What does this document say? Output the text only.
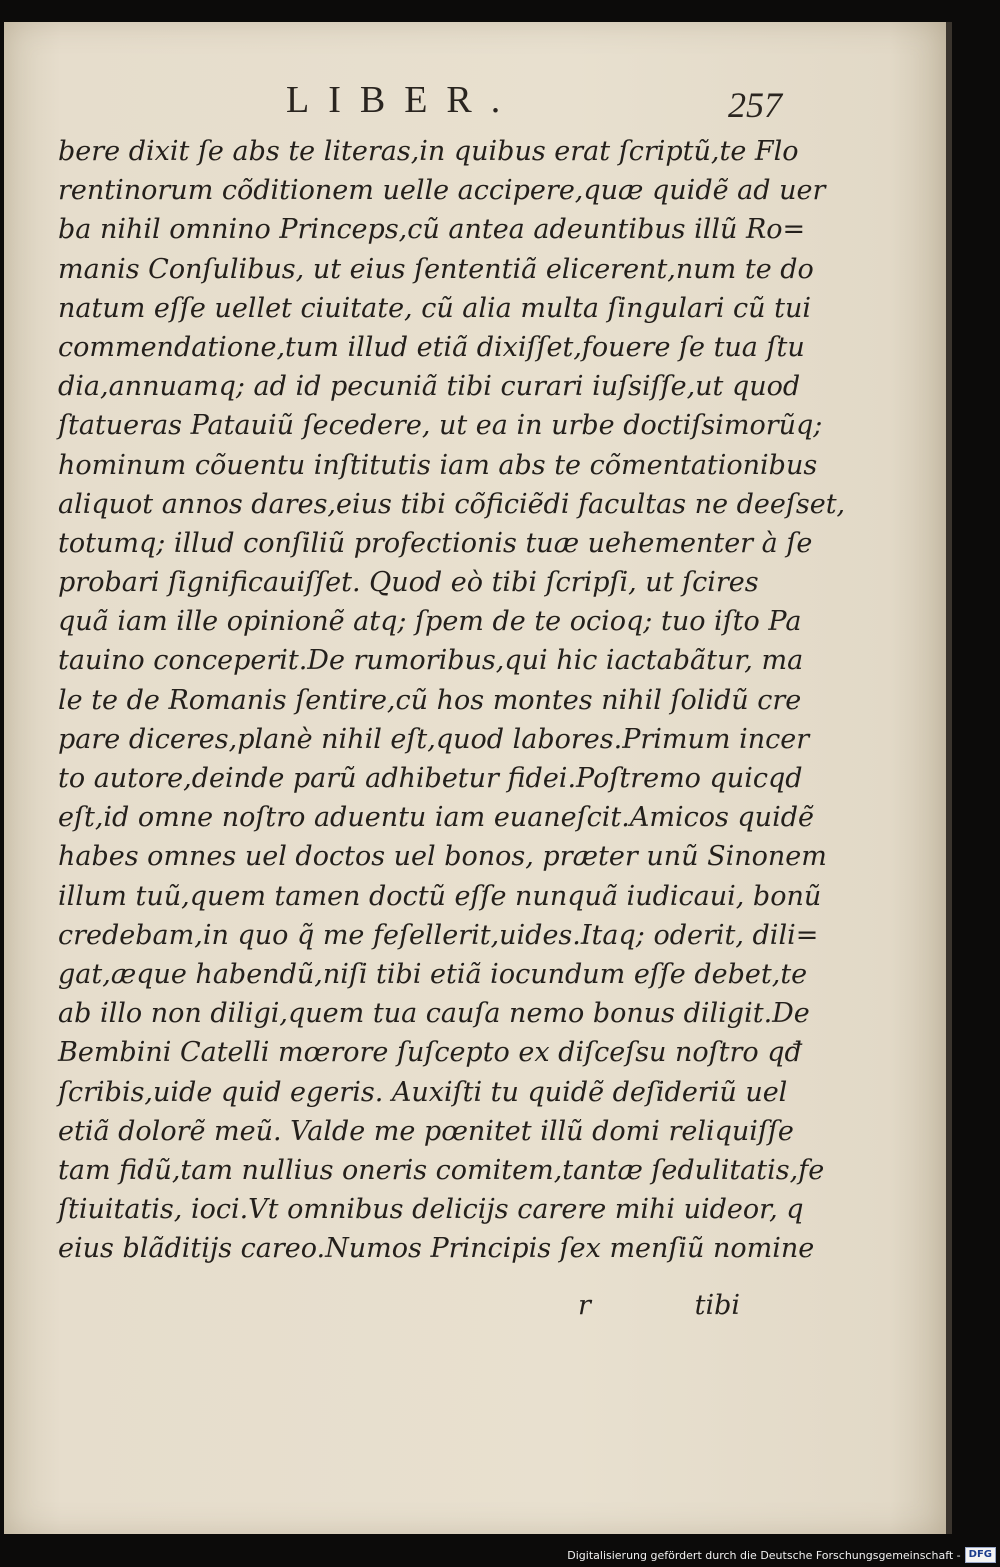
LIBER.	257
bere dixit ſe abs te literas,in quibus erat ſcriptũ,te Flo
rentinorum cõditionem uelle accipere,quæ quidẽ ad uer
ba nihil omnino Princeps,cũ antea adeuntibus illũ Ro=
manis Conſulibus, ut eius ſententiã elicerent,num te do
natum eſſe uellet ciuitate, cũ alia multa ſingulari cũ tui
commendatione,tum illud etiã dixiſſet,fouere ſe tua ſtu
dia,annuamq; ad id pecuniã tibi curari iuſsiſſe,ut quod
ſtatueras Patauiũ ſecedere, ut ea in urbe doctiſsimorũq;
hominum cõuentu inſtitutis iam abs te cõmentationibus
aliquot annos dares,eius tibi cõficiẽdi facultas ne deeſset,
totumq; illud conſiliũ profectionis tuæ uehementer à ſe
probari ſignificauiſſet. Quod eò tibi ſcripſi, ut ſcires
quã iam ille opinionẽ atq; ſpem de te ocioq; tuo iſto Pa
tauino conceperit.De rumoribus,qui hic iactabãtur, ma
le te de Romanis ſentire,cũ hos montes nihil ſolidũ cre
pare diceres,planè nihil eſt,quod labores.Primum incer
to autore,deinde parũ adhibetur fidei.Poſtremo quicqd
eſt,id omne noſtro aduentu iam euaneſcit.Amicos quidẽ
habes omnes uel doctos uel bonos, præter unũ Sinonem
illum tuũ,quem tamen doctũ eſſe nunquã iudicaui, bonũ
credebam,in quo q̃ me feſellerit,uides.Itaq; oderit, dili=
gat,æque habendũ,niſi tibi etiã iocundum eſſe debet,te
ab illo non diligi,quem tua cauſa nemo bonus diligit.De
Bembini Catelli mœrore ſuſcepto ex diſceſsu noſtro qđ
ſcribis,uide quid egeris. Auxiſti tu quidẽ deſideriũ uel
etiã dolorẽ meũ. Valde me pœnitet illũ domi reliquiſſe
tam fidũ,tam nullius oneris comitem,tantæ ſedulitatis,fe
ſtiuitatis, ioci.Vt omnibus delicijs carere mihi uideor, q
eius blãditijs careo.Numos Principis ſex menſiũ nomine
r	tibi
Digitalisierung gefördert durch die Deutsche Forschungsgemeinschaft - DFG
